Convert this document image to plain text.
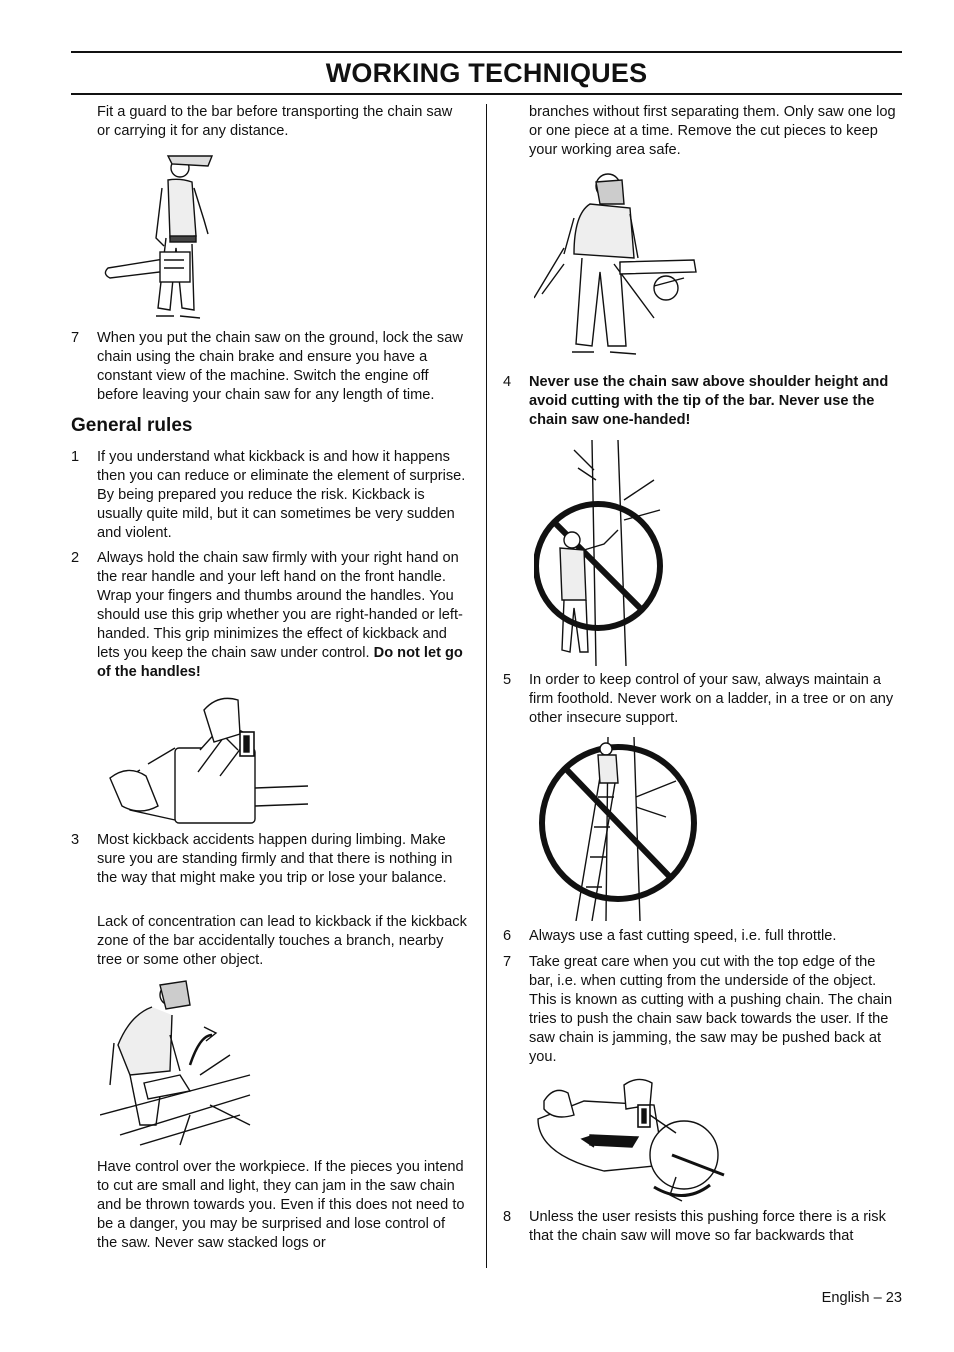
WORKING TECHNIQUES

Fit a guard to the bar before transporting the chain saw or carrying it for any distance.

7 When you put the chain saw on the ground, lock the saw chain using the chain brake and ensure you have a constant view of the machine. Switch the engine off before leaving your chain saw for any length of time.

General rules
1 If you understand what kickback is and how it happens then you can reduce or eliminate the element of surprise. By being prepared you reduce the risk. Kickback is usually quite mild, but it can sometimes be very sudden and violent.

2 Always hold the chain saw firmly with your right hand on the rear handle and your left hand on the front handle. Wrap your fingers and thumbs around the handles. You should use this grip whether you are right-handed or left-handed. This grip minimizes the effect of kickback and lets you keep the chain saw under control. Do not let go of the handles!

3 Most kickback accidents happen during limbing. Make sure you are standing firmly and that there is nothing in the way that might make you trip or lose your balance.

Lack of concentration can lead to kickback if the kickback zone of the bar accidentally touches a branch, nearby tree or some other object.

Have control over the workpiece. If the pieces you intend to cut are small and light, they can jam in the saw chain and be thrown towards you. Even if this does not need to be a danger, you may be surprised and lose control of the saw. Never saw stacked logs or

branches without first separating them. Only saw one log or one piece at a time. Remove the cut pieces to keep your working area safe.

4 Never use the chain saw above shoulder height and avoid cutting with the tip of the bar. Never use the chain saw one-handed!

5 In order to keep control of your saw, always maintain a firm foothold. Never work on a ladder, in a tree or on any other insecure support.

6 Always use a fast cutting speed, i.e. full throttle.

7 Take great care when you cut with the top edge of the bar, i.e. when cutting from the underside of the object. This is known as cutting with a pushing chain. The chain tries to push the chain saw back towards the user. If the saw chain is jamming, the saw may be pushed back at you.

8 Unless the user resists this pushing force there is a risk that the chain saw will move so far backwards that

English – 23
